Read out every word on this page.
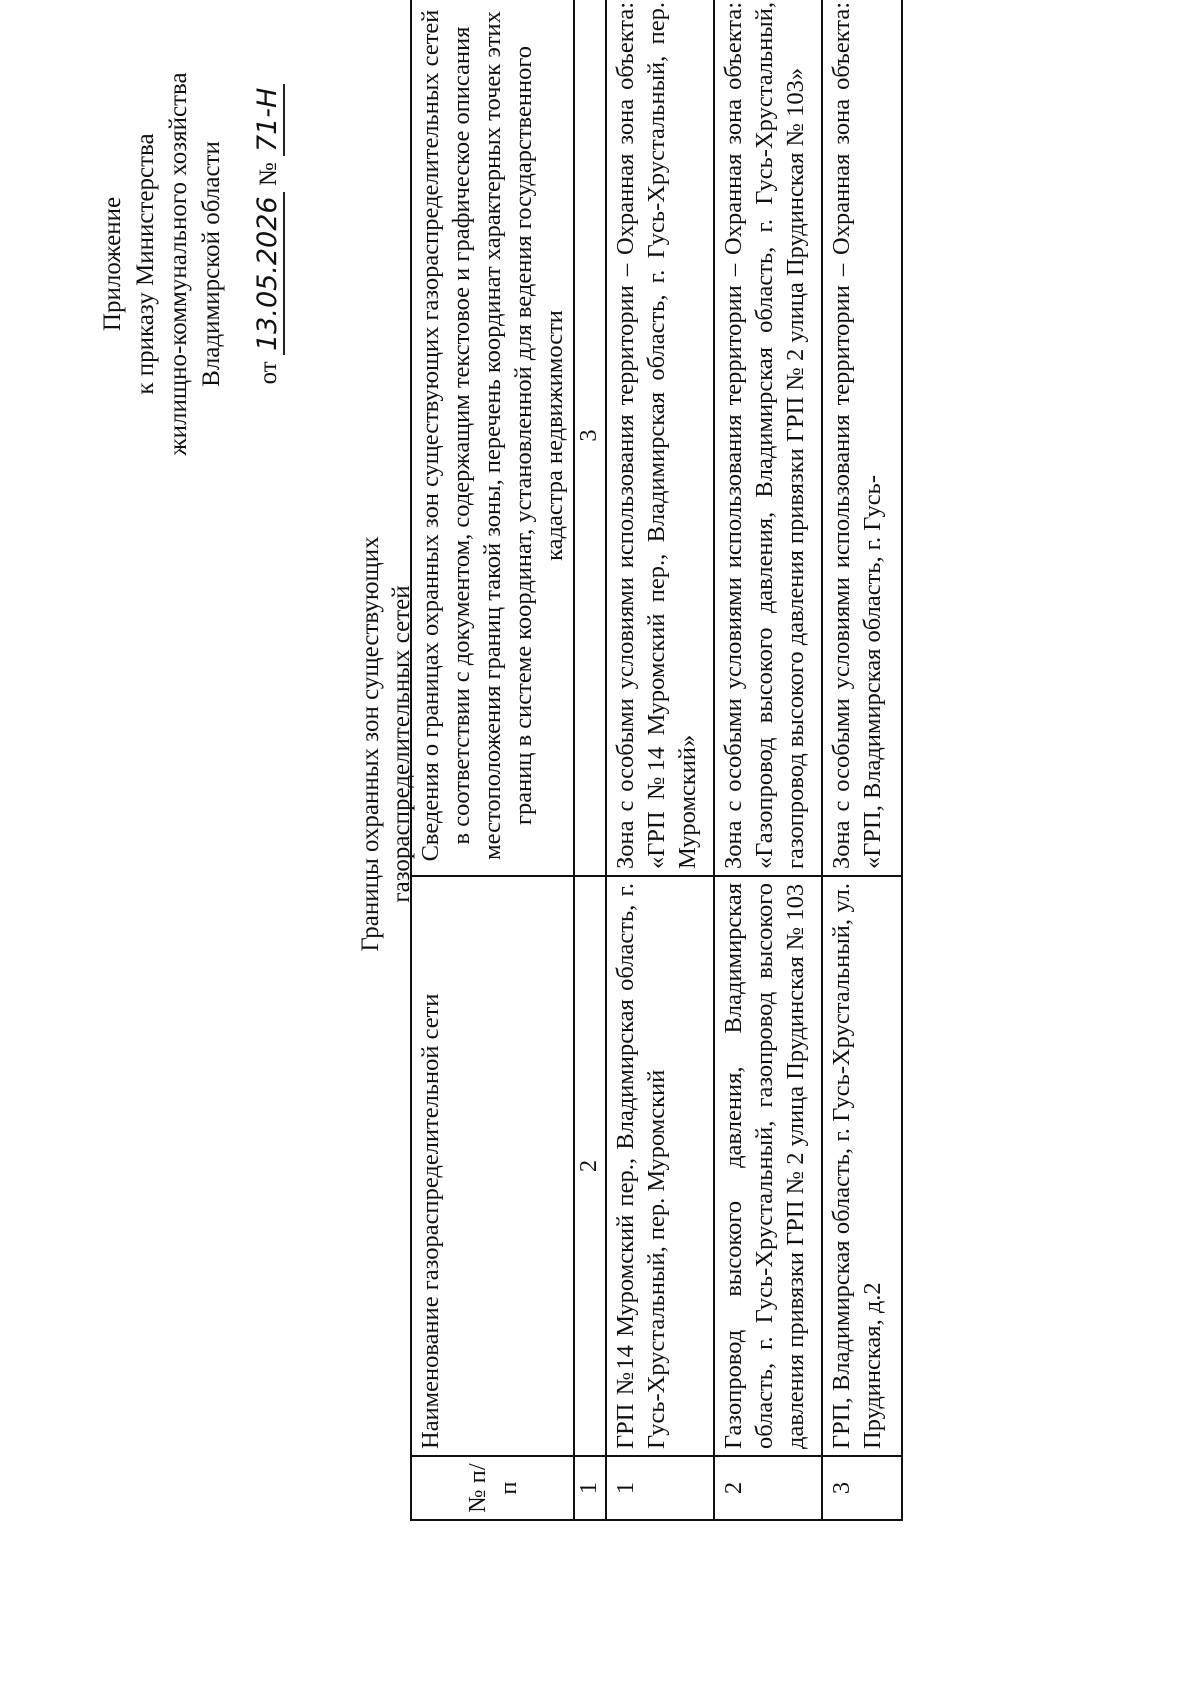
Приложение к приказу Министерства жилищно-коммунального хозяйства Владимирской области от 13.05.2026 № 71-Н
Границы охранных зон существующих газораспределительных сетей
№ п/п	Наименование газораспределительной сети	Сведения о границах охранных зон существующих газораспределительных сетей в соответствии с документом, содержащим текстовое и графическое описания местоположения границ такой зоны, перечень координат характерных точек этих границ в системе координат, установленной для ведения государственного кадастра недвижимости
1	2	3
1	ГРП №14 Муромский пер., Владимирская область, г. Гусь-Хрустальный, пер. Муромский	Зона с особыми условиями использования территории – Охранная зона объекта: «ГРП №14 Муромский пер., Владимирская область, г. Гусь-Хрустальный, пер. Муромский»
2	Газопровод высокого давления, Владимирская область, г. Гусь-Хрустальный, газопровод высокого давления привязки ГРП № 2 улица Прудинская № 103	Зона с особыми условиями использования территории – Охранная зона объекта: «Газопровод высокого давления, Владимирская область, г. Гусь-Хрустальный, газопровод высокого давления привязки ГРП № 2 улица Прудинская № 103»
3	ГРП, Владимирская область, г. Гусь-Хрустальный, ул. Прудинская, д.2	Зона с особыми условиями использования территории – Охранная зона объекта: «ГРП, Владимирская область, г. Гусь-
